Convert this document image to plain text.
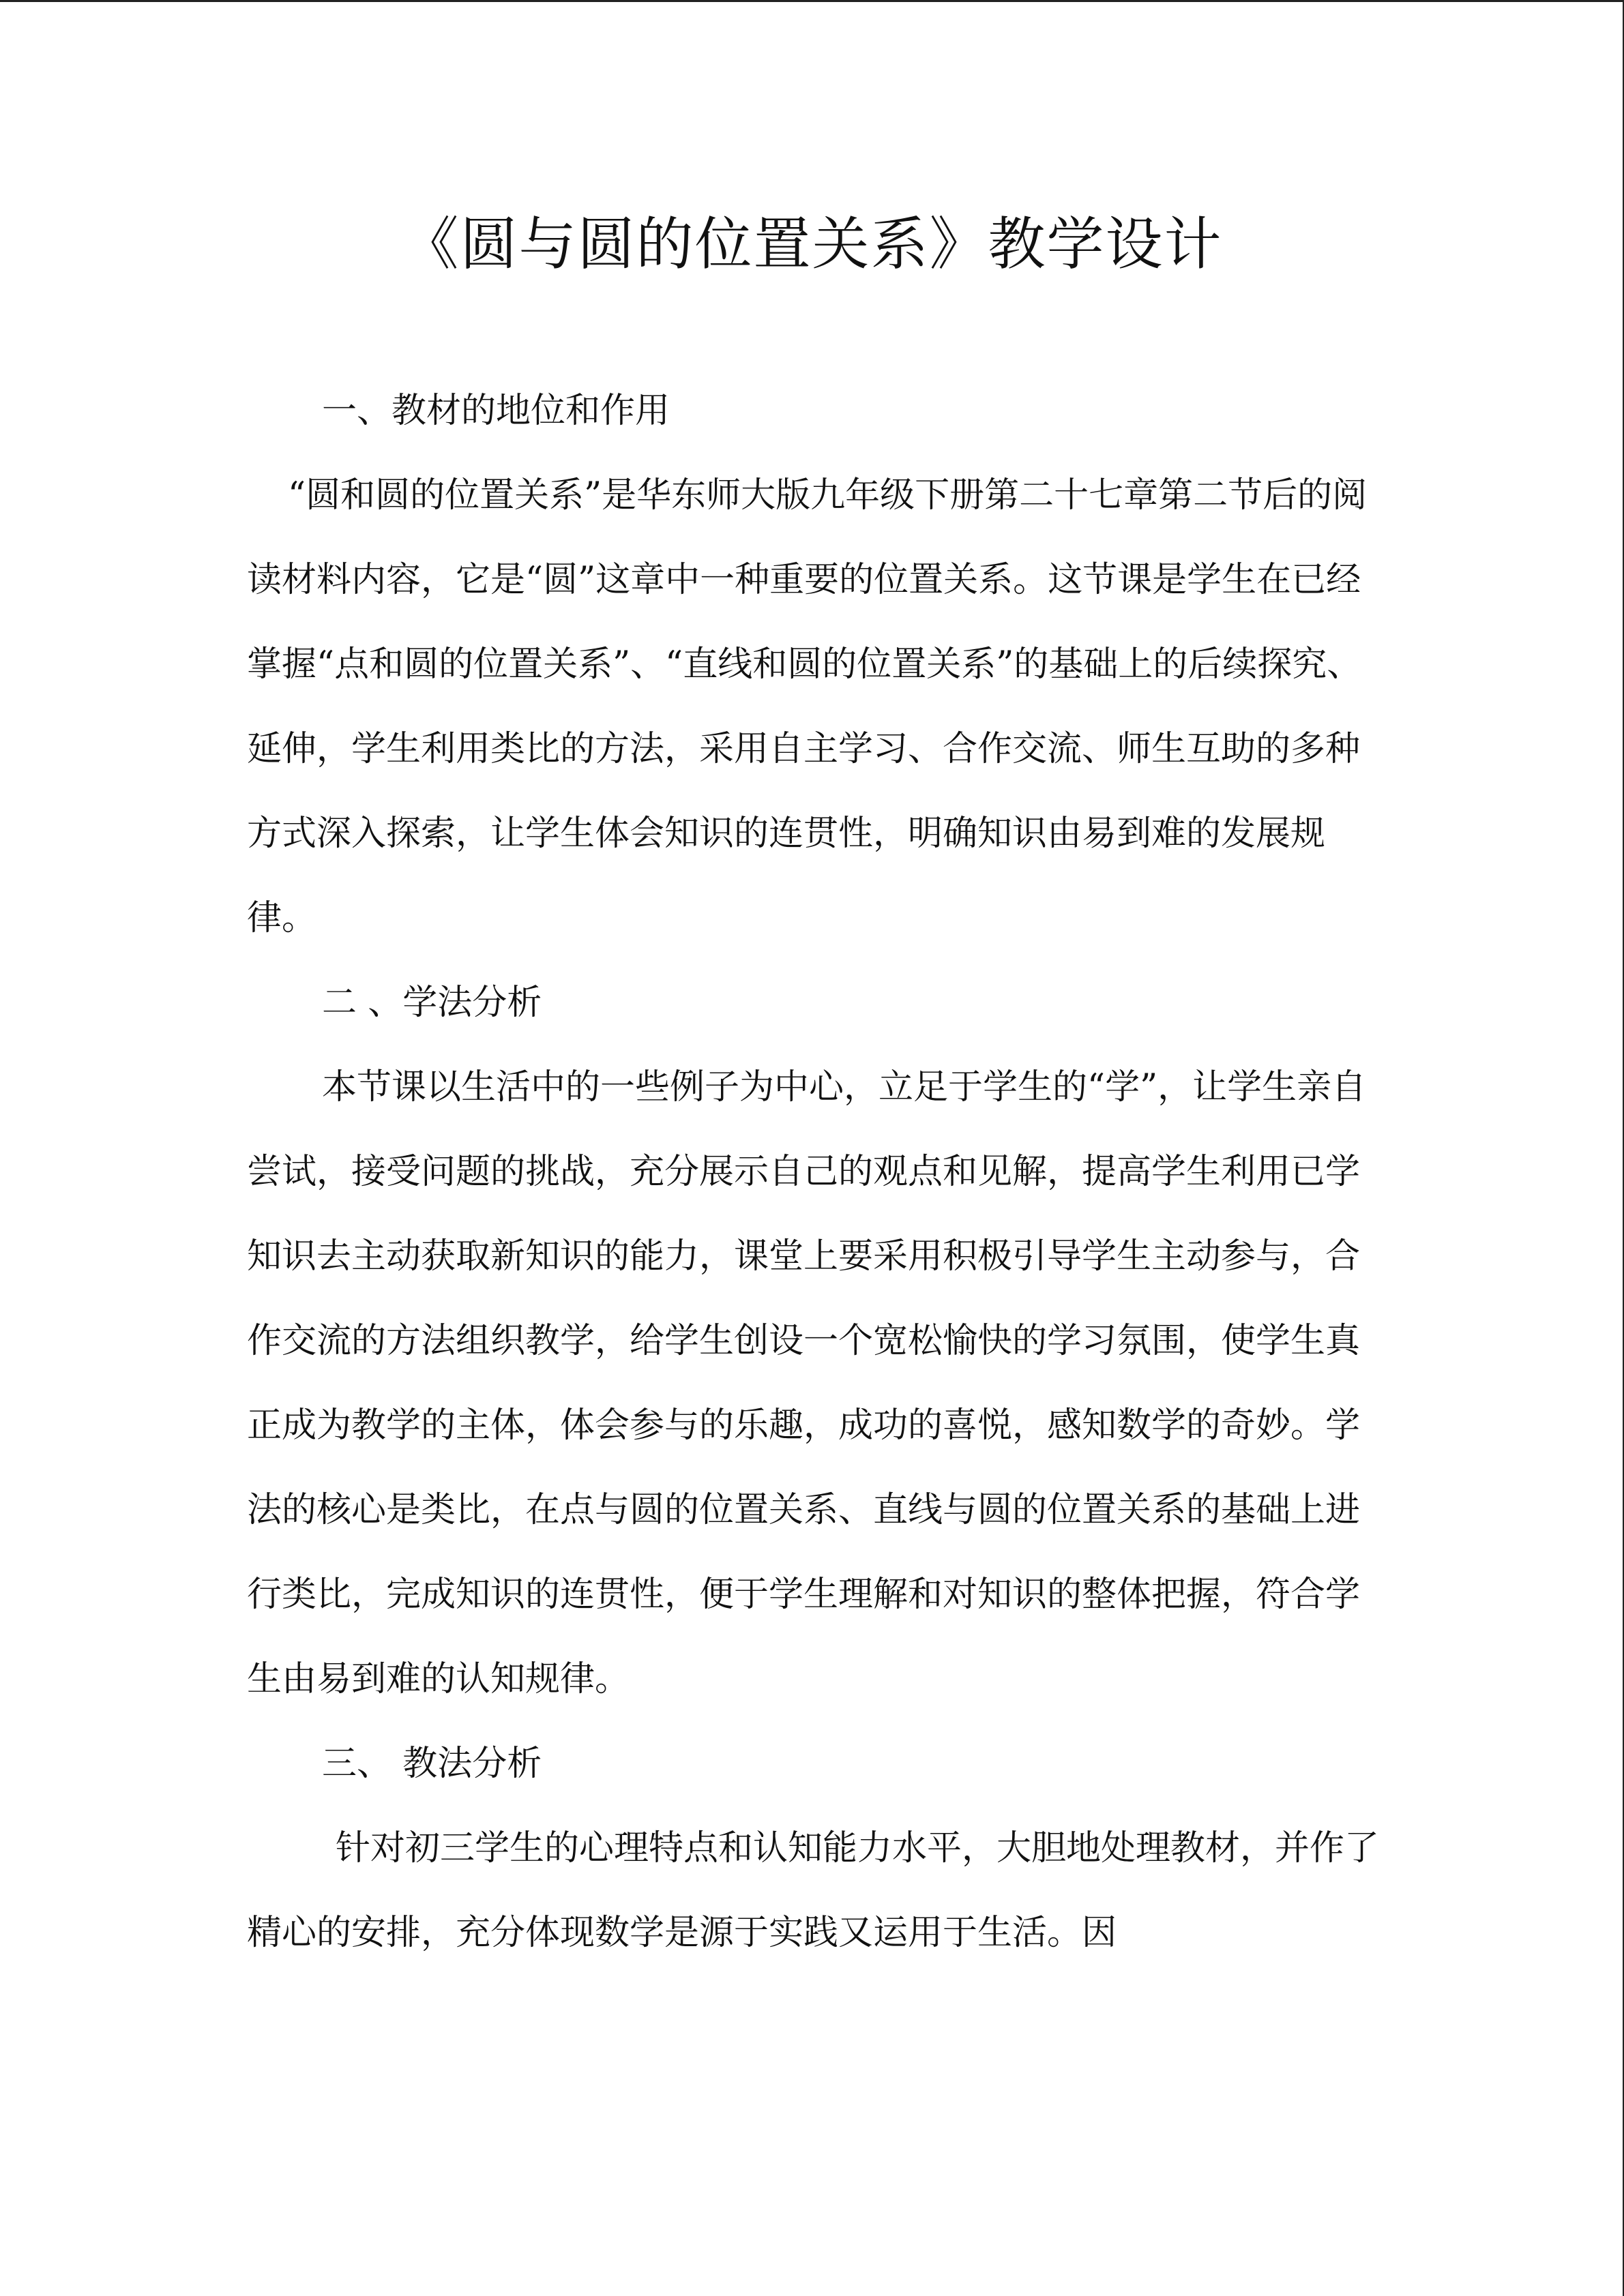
《圆与圆的位置关系》教学设计

一、教材的地位和作用

“圆和圆的位置关系”是华东师大版九年级下册第二十七章第二节后的阅读材料内容，它是“圆”这章中一种重要的位置关系。这节课是学生在已经掌握“点和圆的位置关系”、“直线和圆的位置关系”的基础上的后续探究、延伸，学生利用类比的方法，采用自主学习、合作交流、师生互助的多种方式深入探索，让学生体会知识的连贯性，明确知识由易到难的发展规律。

二 、学法分析

本节课以生活中的一些例子为中心，立足于学生的“学”，让学生亲自尝试，接受问题的挑战，充分展示自己的观点和见解，提高学生利用已学知识去主动获取新知识的能力，课堂上要采用积极引导学生主动参与，合作交流的方法组织教学，给学生创设一个宽松愉快的学习氛围，使学生真正成为教学的主体，体会参与的乐趣，成功的喜悦，感知数学的奇妙。学法的核心是类比，在点与圆的位置关系、直线与圆的位置关系的基础上进行类比，完成知识的连贯性，便于学生理解和对知识的整体把握，符合学生由易到难的认知规律。

三、 教法分析

针对初三学生的心理特点和认知能力水平，大胆地处理教材，并作了精心的安排，充分体现数学是源于实践又运用于生活。因
